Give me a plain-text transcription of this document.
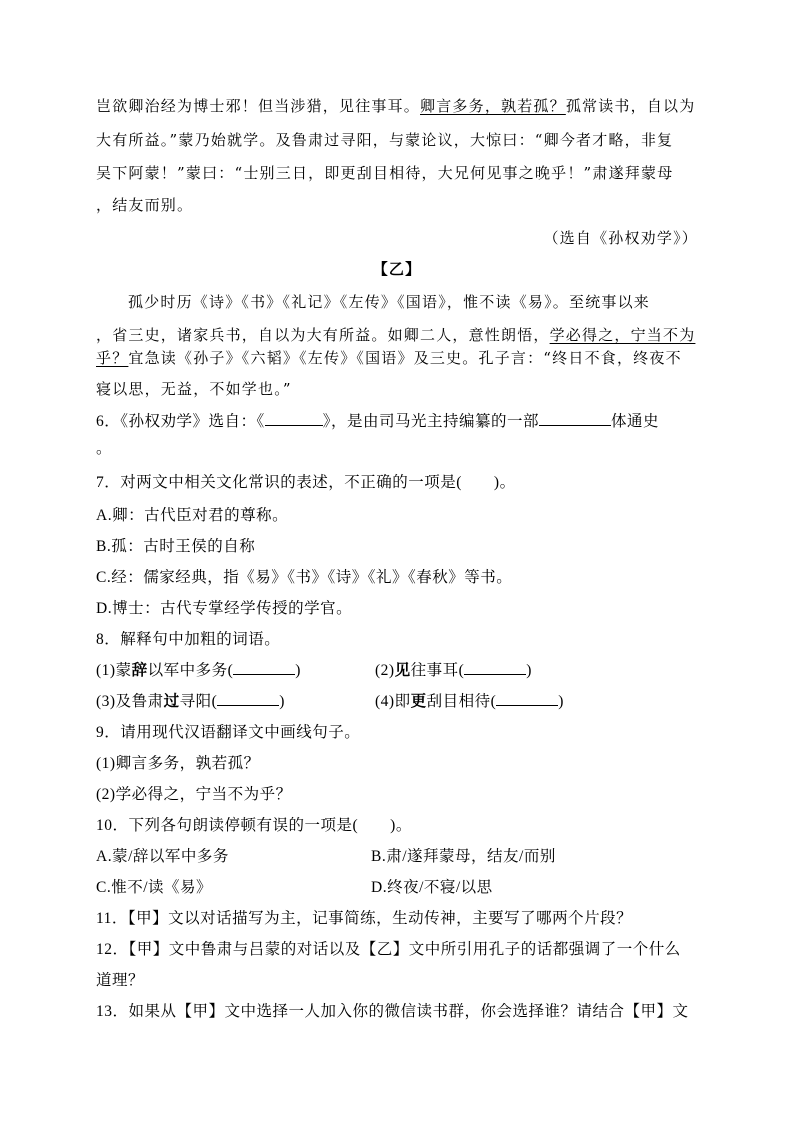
岂欲卿治经为博士邪！但当涉猎，见往事耳。卿言多务，孰若孤？孤常读书，自以为
大有所益。”蒙乃始就学。及鲁肃过寻阳，与蒙论议，大惊曰：“卿今者才略，非复
吴下阿蒙！”蒙曰：“士别三日，即更刮目相待，大兄何见事之晚乎！”肃遂拜蒙母
，结友而别。
（选自《孙权劝学》）
【乙】
孤少时历《诗》《书》《礼记》《左传》《国语》，惟不读《易》。至统事以来
，省三史，诸家兵书，自以为大有所益。如卿二人，意性朗悟，学必得之，宁当不为
乎？宜急读《孙子》《六韬》《左传》《国语》及三史。孔子言：“终日不食，终夜不
寝以思，无益，不如学也。”
6．《孙权劝学》选自：《	》，是由司马光主持编纂的一部	体通史
。
7．对两文中相关文化常识的表述，不正确的一项是(　　)。
A.卿：古代臣对君的尊称。
B.孤：古时王侯的自称
C.经：儒家经典，指《易》《书》《诗》《礼》《春秋》等书。
D.博士：古代专掌经学传授的学官。
8．解释句中加粗的词语。
(1)蒙辞以军中多务(	)	(2)见往事耳(	)
(3)及鲁肃过寻阳(	)	(4)即更刮目相待(	)
9．请用现代汉语翻译文中画线句子。
(1)卿言多务，孰若孤？
(2)学必得之，宁当不为乎？
10．下列各句朗读停顿有误的一项是(　　)。
A.蒙/辞以军中多务	B.肃/遂拜蒙母，结友/而别
C.惟不/读《易》	D.终夜/不寝/以思
11．【甲】文以对话描写为主，记事简练，生动传神，主要写了哪两个片段？
12．【甲】文中鲁肃与吕蒙的对话以及【乙】文中所引用孔子的话都强调了一个什么
道理？
13．如果从【甲】文中选择一人加入你的微信读书群，你会选择谁？请结合【甲】文
